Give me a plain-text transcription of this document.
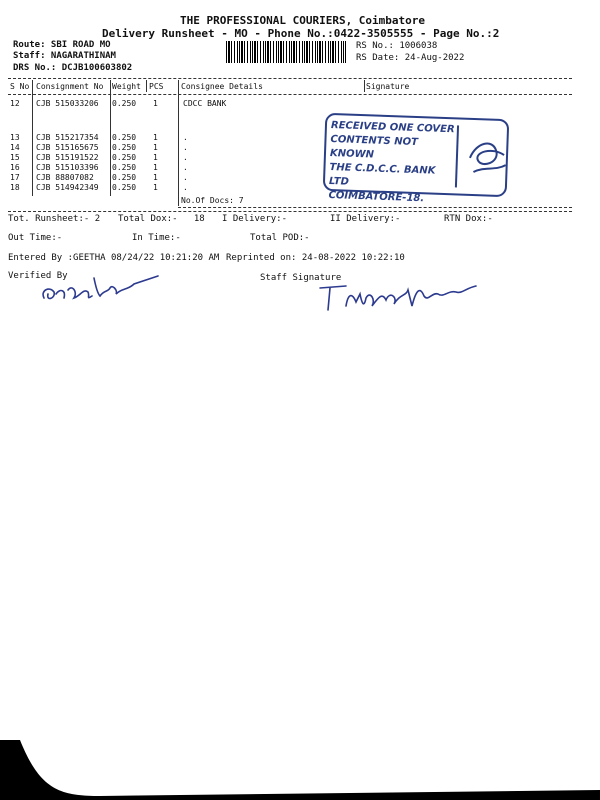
THE PROFESSIONAL COURIERS, Coimbatore
Delivery Runsheet - MO - Phone No.:0422-3505555 - Page No.:2
Route: SBI ROAD MO
Staff: NAGARATHINAM
DRS No.: DCJB100603802
RS No.: 1006038
RS Date: 24-Aug-2022
S No Consignment No Weight PCS Consignee Details	Signature
12 CJB 515033206 0.250 1	CDCC BANK
13 CJB 515217354 0.250 1	.
14 CJB 515165675 0.250 1	.
15 CJB 515191522 0.250 1	.
16 CJB 515103396 0.250 1	.
17 CJB 88807082 0.250 1	.
18 CJB 514942349 0.250 1	.
No.Of Docs: 7
RECEIVED ONE COVER
CONTENTS NOT KNOWN
THE C.D.C.C. BANK LTD
COIMBATORE-18.
Tot. Runsheet:- 2 Total Dox:-   18 I Delivery:-	II Delivery:-	RTN Dox:-
Out Time:-	In Time:-	Total POD:-
Entered By :GEETHA 08/24/22 10:21:20 AM Reprinted on: 24-08-2022 10:22:10
Verified By	Staff Signature
